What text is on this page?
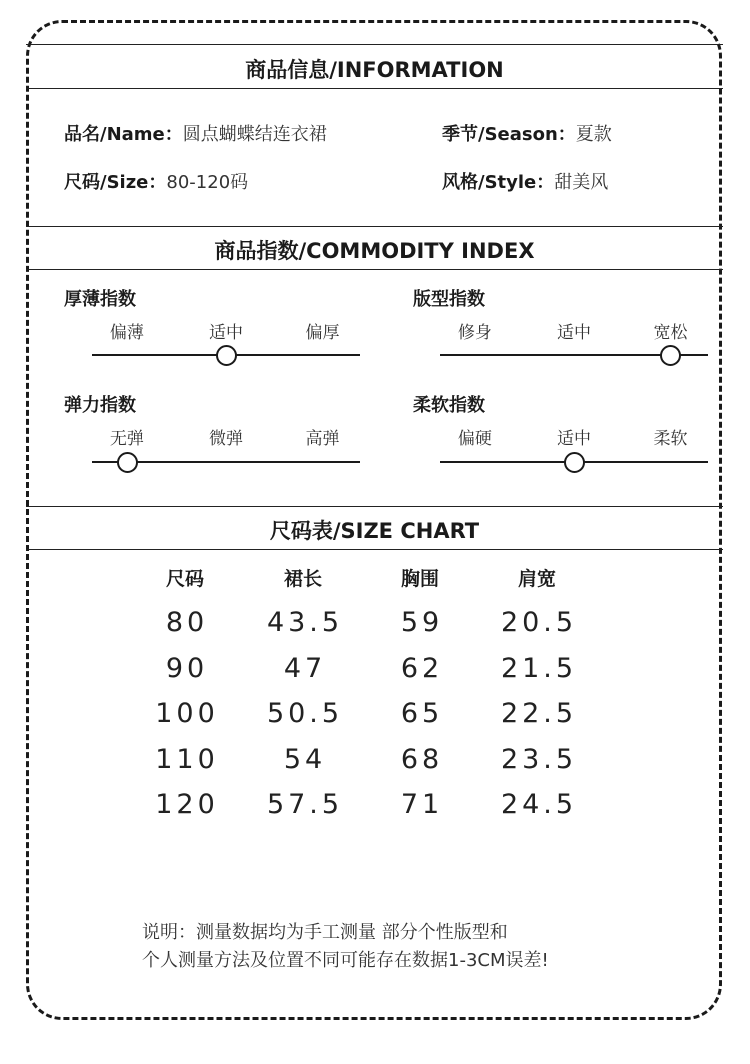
商品信息/INFORMATION
品名/Name：圆点蝴蝶结连衣裙	季节/Season：夏款
尺码/Size：80-120码	风格/Style：甜美风
商品指数/COMMODITY INDEX
厚薄指数
偏薄	适中	偏厚
版型指数
修身	适中	宽松
弹力指数
无弹	微弹	高弹
柔软指数
偏硬	适中	柔软
尺码表/SIZE CHART
尺码	裙长	胸围	肩宽
80	43.5	59	20.5
90	47	62	21.5
100	50.5	65	22.5
110	54	68	23.5
120	57.5	71	24.5
说明：测量数据均为手工测量 部分个性版型和
个人测量方法及位置不同可能存在数据1-3CM误差!
